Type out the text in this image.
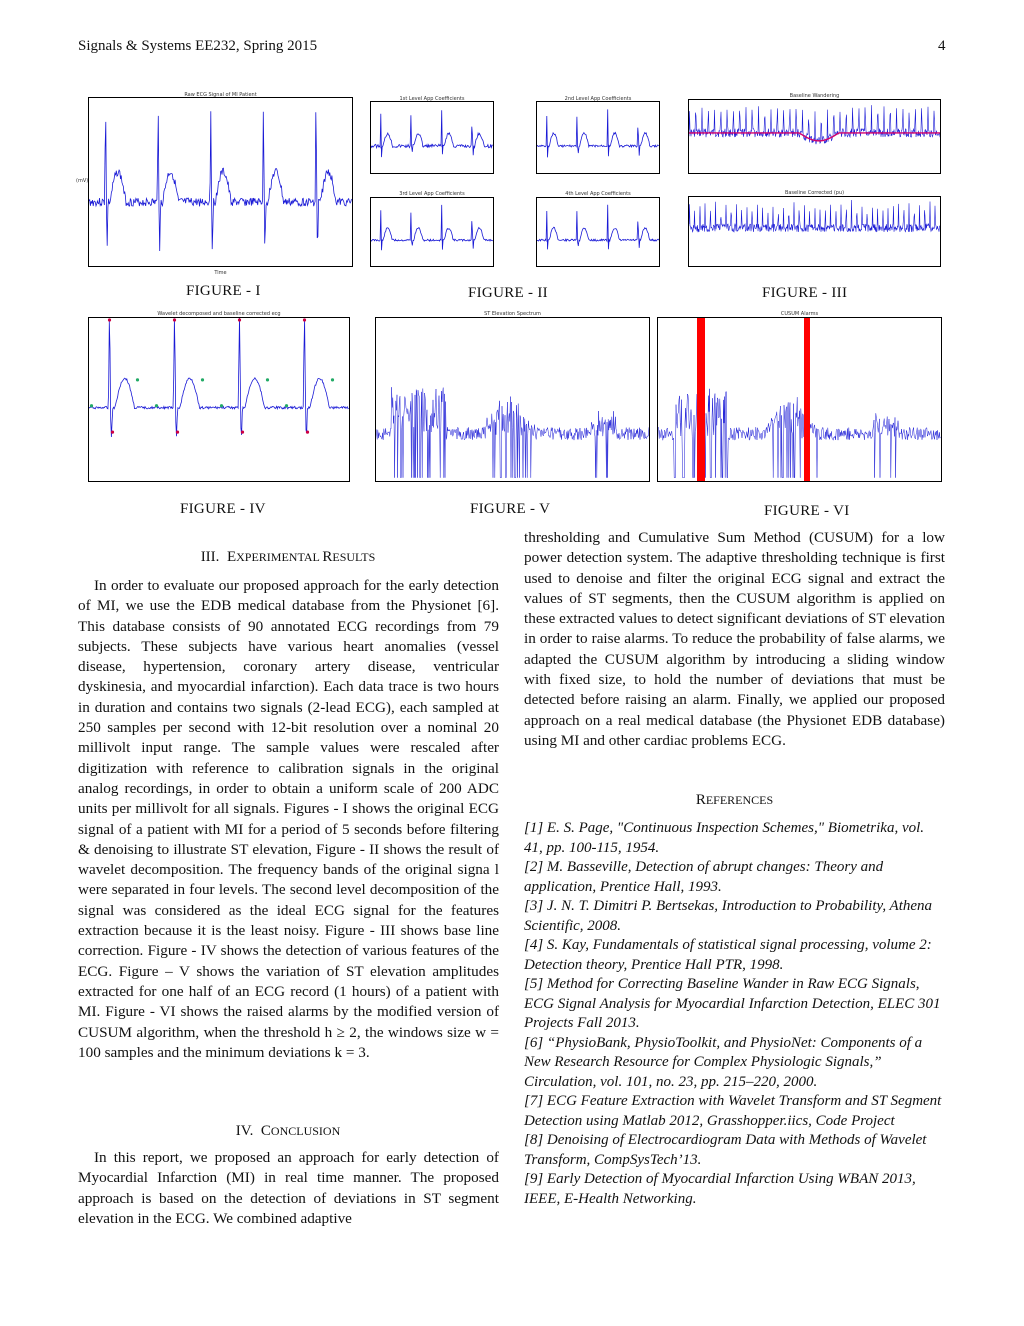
Signals & Systems EE232, Spring 2015	4
Raw ECG Signal of MI Patient
(mV)
Time
1st Level App Coefficients	2nd Level App Coefficients
3rd Level App Coefficients	4th Level App Coefficients
Baseline Wandering
Baseline Corrected (pu)
FIGURE - I	FIGURE - II	FIGURE - III
Wavelet decomposed and baseline corrected ecg	ST Elevation Spectrum	CUSUM Alarms
FIGURE - IV	FIGURE - V	FIGURE - VI
III. EXPERIMENTAL RESULTS

In order to evaluate our proposed approach for the early detection of MI, we use the EDB medical database from the Physionet [6]. This database consists of 90 annotated ECG recordings from 79 subjects. These subjects have various heart anomalies (vessel disease, hypertension, coronary artery disease, ventricular dyskinesia, and myocardial infarction). Each data trace is two hours in duration and contains two signals (2-lead ECG), each sampled at 250 samples per second with 12-bit resolution over a nominal 20 millivolt input range. The sample values were rescaled after digitization with reference to calibration signals in the original analog recordings, in order to obtain a uniform scale of 200 ADC units per millivolt for all signals. Figures - I shows the original ECG signal of a patient with MI for a period of 5 seconds before filtering & denoising to illustrate ST elevation, Figure - II shows the result of wavelet decomposition. The frequency bands of the original signa l were separated in four levels. The second level decomposition of the signal was considered as the ideal ECG signal for the features extraction because it is the least noisy. Figure - III shows base line correction. Figure - IV shows the detection of various features of the ECG. Figure – V shows the variation of ST elevation amplitudes extracted for one half of an ECG record (1 hours) of a patient with MI. Figure - VI shows the raised alarms by the modified version of CUSUM algorithm, when the threshold h ≥ 2, the windows size w = 100 samples and the minimum deviations k = 3.

IV. CONCLUSION

In this report, we proposed an approach for early detection of Myocardial Infarction (MI) in real time manner. The proposed approach is based on the detection of deviations in ST segment elevation in the ECG. We combined adaptive

thresholding and Cumulative Sum Method (CUSUM) for a low power detection system. The adaptive thresholding technique is first used to denoise and filter the original ECG signal and extract the values of ST segments, then the CUSUM algorithm is applied on these extracted values to detect significant deviations of ST elevation in order to raise alarms. To reduce the probability of false alarms, we adapted the CUSUM algorithm by introducing a sliding window with fixed size, to hold the number of deviations that must be detected before raising an alarm. Finally, we applied our proposed approach on a real medical database (the Physionet EDB database) using MI and other cardiac problems ECG.

REFERENCES

[1] E. S. Page, "Continuous Inspection Schemes," Biometrika, vol. 41, pp. 100-115, 1954.

[2] M. Basseville, Detection of abrupt changes: Theory and application, Prentice Hall, 1993.

[3] J. N. T. Dimitri P. Bertsekas, Introduction to Probability, Athena Scientific, 2008.

[4] S. Kay, Fundamentals of statistical signal processing, volume 2: Detection theory, Prentice Hall PTR, 1998.

[5] Method for Correcting Baseline Wander in Raw ECG Signals, ECG Signal Analysis for Myocardial Infarction Detection, ELEC 301 Projects Fall 2013.

[6] “PhysioBank, PhysioToolkit, and PhysioNet: Components of a New Research Resource for Complex Physiologic Signals,” Circulation, vol. 101, no. 23, pp. 215–220, 2000.

[7] ECG Feature Extraction with Wavelet Transform and ST Segment Detection using Matlab 2012, Grasshopper.iics, Code Project

[8] Denoising of Electrocardiogram Data with Methods of Wavelet Transform, CompSysTech’13.

[9] Early Detection of Myocardial Infarction Using WBAN 2013, IEEE, E-Health Networking.
